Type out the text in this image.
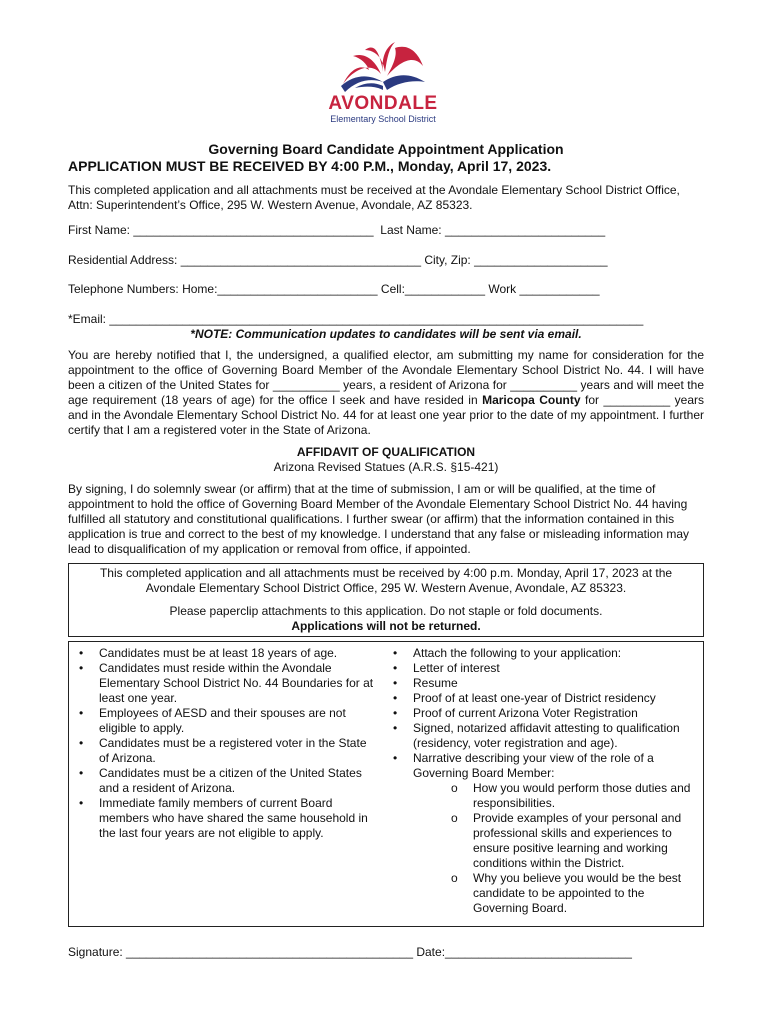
AVONDALE
Elementary School District
Governing Board Candidate Appointment Application
APPLICATION MUST BE RECEIVED BY 4:00 P.M., Monday, April 17, 2023.
This completed application and all attachments must be received at the Avondale Elementary School District Office, Attn: Superintendent’s Office, 295 W. Western Avenue, Avondale, AZ 85323.
First Name: ____________________________________  Last Name: ________________________
Residential Address: ____________________________________ City, Zip: ____________________
Telephone Numbers: Home:________________________ Cell:____________ Work ____________
*Email: ________________________________________________________________________________
*NOTE: Communication updates to candidates will be sent via email.
You are hereby notified that I, the undersigned, a qualified elector, am submitting my name for consideration for the appointment to the office of Governing Board Member of the Avondale Elementary School District No. 44. I will have been a citizen of the United States for __________ years, a resident of Arizona for __________ years and will meet the age requirement (18 years of age) for the office I seek and have resided in Maricopa County for __________ years and in the Avondale Elementary School District No. 44 for at least one year prior to the date of my appointment. I further certify that I am a registered voter in the State of Arizona.
AFFIDAVIT OF QUALIFICATION
Arizona Revised Statues (A.R.S. §15-421)
By signing, I do solemnly swear (or affirm) that at the time of submission, I am or will be qualified, at the time of appointment to hold the office of Governing Board Member of the Avondale Elementary School District No. 44 having fulfilled all statutory and constitutional qualifications. I further swear (or affirm) that the information contained in this application is true and correct to the best of my knowledge. I understand that any false or misleading information may lead to disqualification of my application or removal from office, if appointed.

This completed application and all attachments must be received by 4:00 p.m. Monday, April 17, 2023 at the

Avondale Elementary School District Office, 295 W. Western Avenue, Avondale, AZ 85323.

Please paperclip attachments to this application. Do not staple or fold documents.

Applications will not be returned.

• Candidates must be at least 18 years of age.
• Candidates must reside within the Avondale Elementary School District No. 44 Boundaries for at least one year.
• Employees of AESD and their spouses are not eligible to apply.
• Candidates must be a registered voter in the State of Arizona.
• Candidates must be a citizen of the United States and a resident of Arizona.
• Immediate family members of current Board members who have shared the same household in the last four years are not eligible to apply.
• Attach the following to your application:
• Letter of interest
• Resume
• Proof of at least one-year of District residency
• Proof of current Arizona Voter Registration
• Signed, notarized affidavit attesting to qualification (residency, voter registration and age).
• Narrative describing your view of the role of a Governing Board Member:
o How you would perform those duties and responsibilities.
o Provide examples of your personal and professional skills and experiences to ensure positive learning and working conditions within the District.
o Why you believe you would be the best candidate to be appointed to the Governing Board.
Signature: ___________________________________________ Date:____________________________
